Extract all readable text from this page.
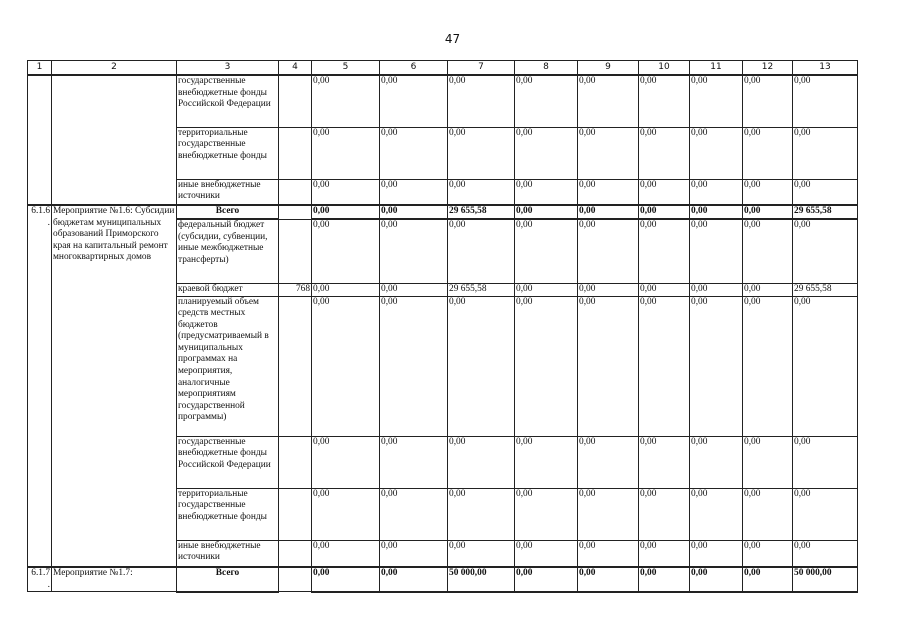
47
1	2	3	4	5	6	7	8	9	10	11	12	13
		государственные внебюджетные фонды Российской Федерации		0,00	0,00	0,00	0,00	0,00	0,00	0,00	0,00	0,00
		территориальные государственные внебюджетные фонды		0,00	0,00	0,00	0,00	0,00	0,00	0,00	0,00	0,00
		иные внебюджетные источники		0,00	0,00	0,00	0,00	0,00	0,00	0,00	0,00	0,00
6.1.6.	Мероприятие №1.6: Субсидии бюджетам муниципальных образований Приморского края на капитальный ремонт многоквартирных домов	Всего		0,00	0,00	29 655,58	0,00	0,00	0,00	0,00	0,00	29 655,58
		федеральный бюджет (субсидии, субвенции, иные межбюджетные трансферты)		0,00	0,00	0,00	0,00	0,00	0,00	0,00	0,00	0,00
		краевой бюджет	768	0,00	0,00	29 655,58	0,00	0,00	0,00	0,00	0,00	29 655,58
		планируемый объем средств местных бюджетов (предусматриваемый в муниципальных программах на мероприятия, аналогичные мероприятиям государственной программы)		0,00	0,00	0,00	0,00	0,00	0,00	0,00	0,00	0,00
		государственные внебюджетные фонды Российской Федерации		0,00	0,00	0,00	0,00	0,00	0,00	0,00	0,00	0,00
		территориальные государственные внебюджетные фонды		0,00	0,00	0,00	0,00	0,00	0,00	0,00	0,00	0,00
		иные внебюджетные источники		0,00	0,00	0,00	0,00	0,00	0,00	0,00	0,00	0,00
6.1.7.	Мероприятие №1.7:	Всего		0,00	0,00	50 000,00	0,00	0,00	0,00	0,00	0,00	50 000,00
